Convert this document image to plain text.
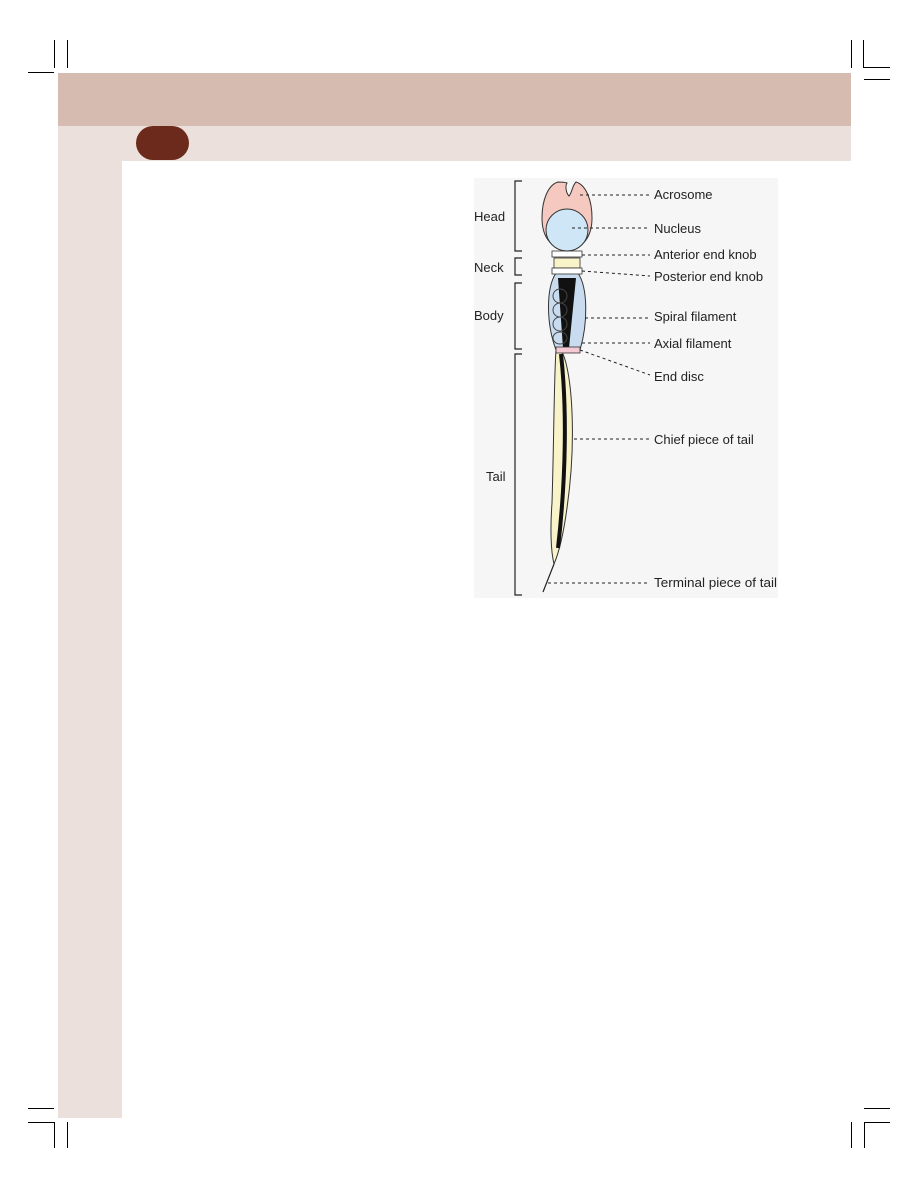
Head
Neck
Body
Tail
Acrosome
Nucleus
Anterior end knob
Posterior end knob
Spiral filament
Axial filament
End disc
Chief piece of tail
Terminal piece of tail
